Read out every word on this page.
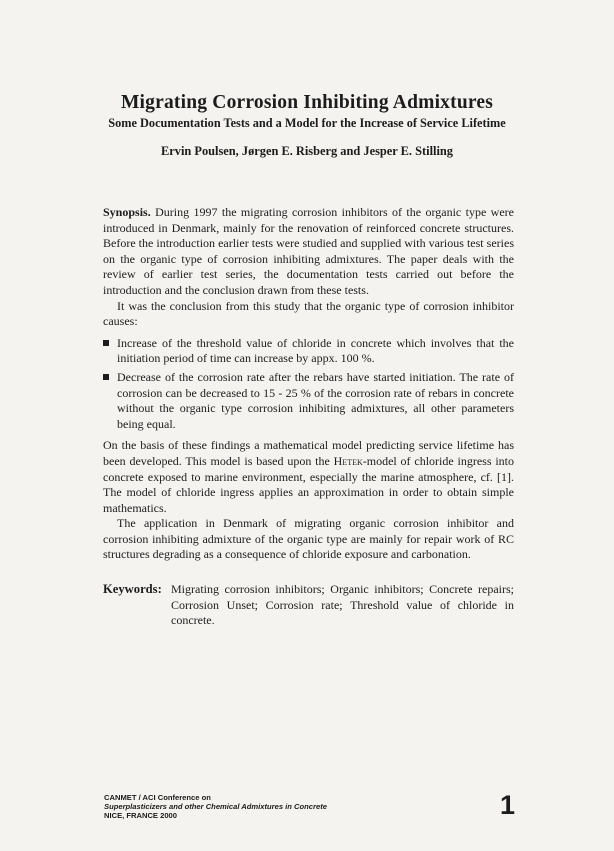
Migrating Corrosion Inhibiting Admixtures
Some Documentation Tests and a Model for the Increase of Service Lifetime
Ervin Poulsen, Jørgen E. Risberg and Jesper E. Stilling

Synopsis. During 1997 the migrating corrosion inhibitors of the organic type were introduced in Denmark, mainly for the renovation of reinforced concrete structures. Before the introduction earlier tests were studied and supplied with various test series on the organic type of corrosion inhibiting admixtures. The paper deals with the review of earlier test series, the documentation tests carried out before the introduction and the conclusion drawn from these tests.

It was the conclusion from this study that the organic type of corrosion inhibitor causes:

Increase of the threshold value of chloride in concrete which involves that the initiation period of time can increase by appx. 100 %.
Decrease of the corrosion rate after the rebars have started initiation. The rate of corrosion can be decreased to 15 - 25 % of the corrosion rate of rebars in concrete without the organic type corrosion inhibiting admixtures, all other parameters being equal.

On the basis of these findings a mathematical model predicting service lifetime has been developed. This model is based upon the Hetek-model of chloride ingress into concrete exposed to marine environment, especially the marine atmosphere, cf. [1]. The model of chloride ingress applies an approximation in order to obtain simple mathematics.

The application in Denmark of migrating organic corrosion inhibitor and corrosion inhibiting admixture of the organic type are mainly for repair work of RC structures degrading as a consequence of chloride exposure and carbonation.

Keywords: Migrating corrosion inhibitors; Organic inhibitors; Concrete repairs; Corrosion Unset; Corrosion rate; Threshold value of chloride in concrete.
CANMET / ACI Conference on
Superplasticizers and other Chemical Admixtures in Concrete
NICE, FRANCE 2000	1
